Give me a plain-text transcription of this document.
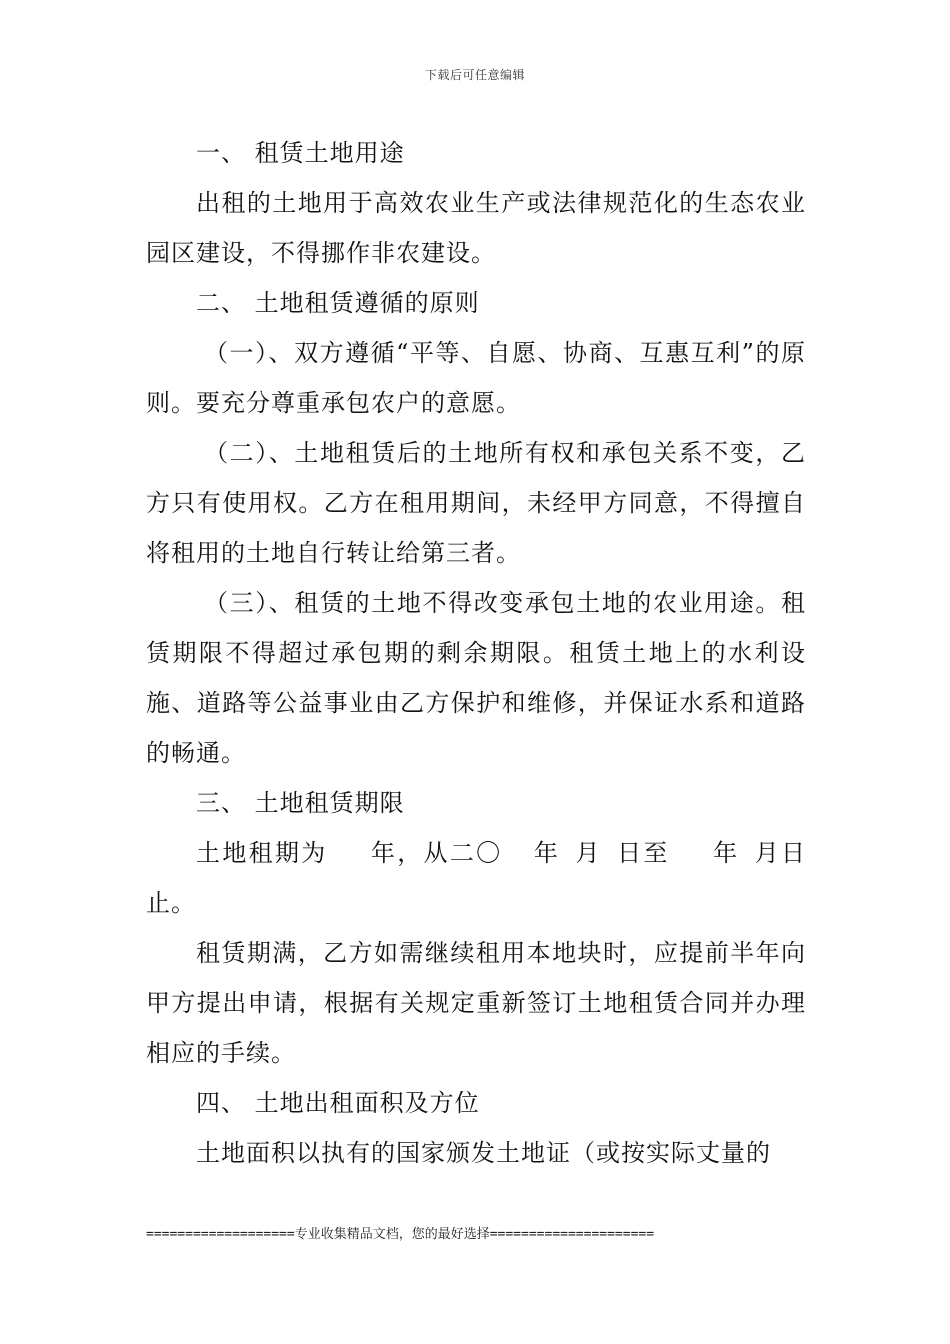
下载后可任意编辑

一、 租赁土地用途

出租的土地用于高效农业生产或法律规范化的生态农业园区建设，不得挪作非农建设。

二、 土地租赁遵循的原则

（一）、双方遵循“平等、自愿、协商、互惠互利”的原则。要充分尊重承包农户的意愿。

（二）、土地租赁后的土地所有权和承包关系不变，乙方只有使用权。乙方在租用期间，未经甲方同意，不得擅自将租用的土地自行转让给第三者。

（三）、租赁的土地不得改变承包土地的农业用途。租赁期限不得超过承包期的剩余期限。租赁土地上的水利设施、道路等公益事业由乙方保护和维修，并保证水系和道路的畅通。

三、 土地租赁期限

土地租期为 年，从二〇 年 月 日至 年 月日止。

租赁期满，乙方如需继续租用本地块时，应提前半年向甲方提出申请，根据有关规定重新签订土地租赁合同并办理相应的手续。

四、 土地出租面积及方位

土地面积以执有的国家颁发土地证（或按实际丈量的

===================专业收集精品文档，您的最好选择=====================
